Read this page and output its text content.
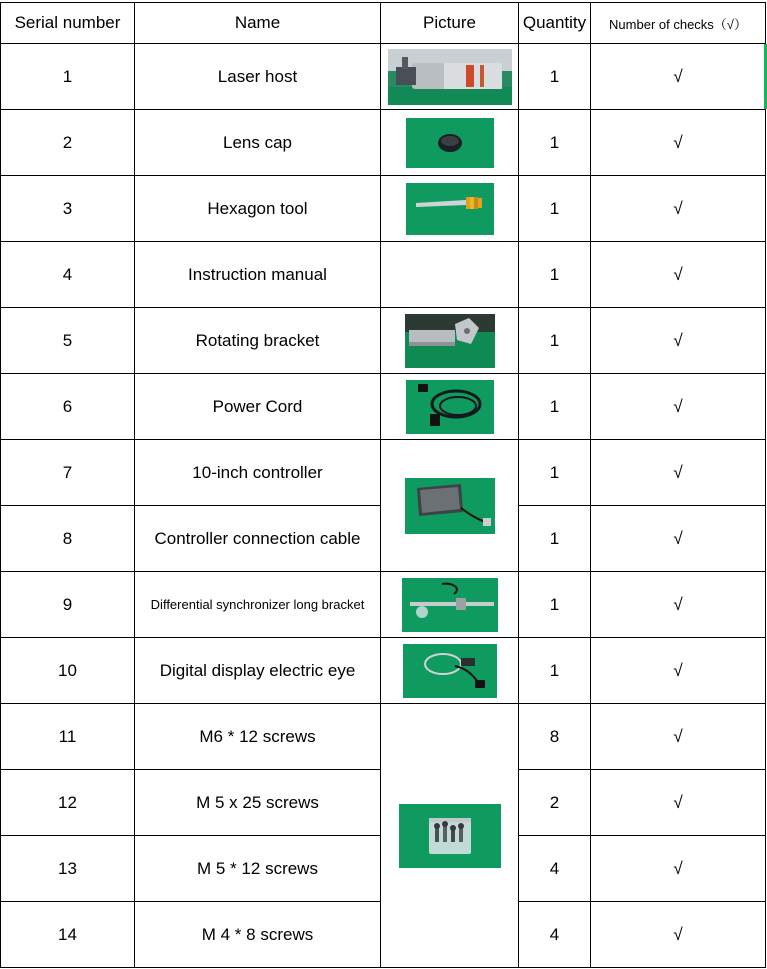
Serial number	Name	Picture	Quantity	Number of checks（√）
1	Laser host		1	√
2	Lens cap		1	√
3	Hexagon tool		1	√
4	Instruction manual		1	√
5	Rotating bracket		1	√
6	Power Cord		1	√
7	10-inch controller		1	√
8	Controller connection cable		1	√
9	Differential synchronizer long bracket		1	√
10	Digital display electric eye		1	√
11	M6 * 12 screws		8	√
12	M 5 x 25 screws		2	√
13	M 5 * 12 screws		4	√
14	M 4 * 8 screws		4	√
